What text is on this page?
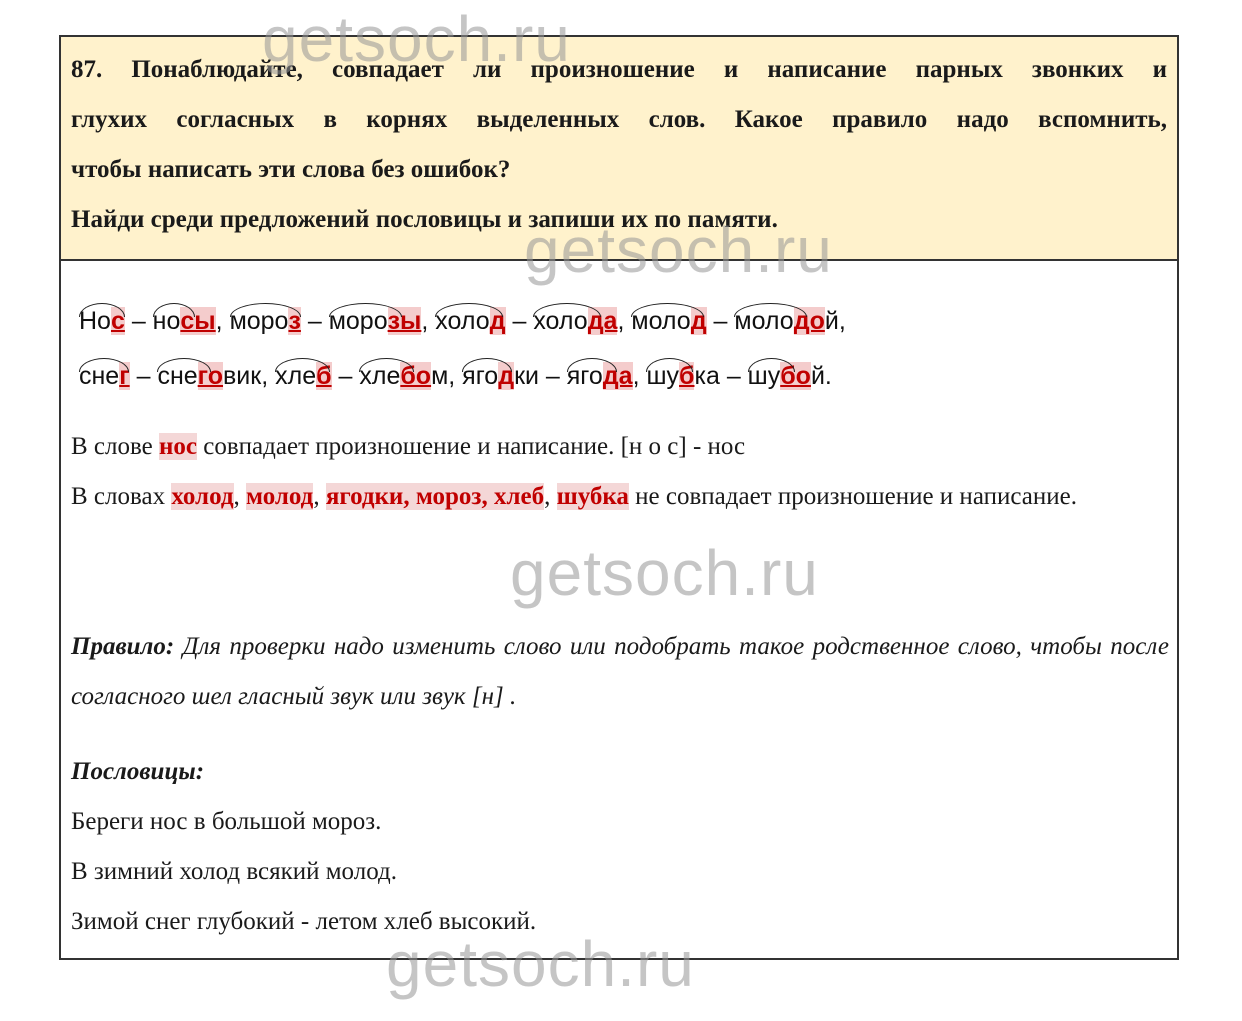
87. Понаблюдайте, совпадает ли произношение и написание парных звонких и

глухих согласных в корнях выделенных слов. Какое правило надо вспомнить,

чтобы написать эти слова без ошибок?

Найди среди предложений пословицы и запиши их по памяти.

Нос
– носы
, мороз
– морозы
, холод
– холода
, молод
– молодой
,
снег
– снеговик
, хлеб
– хлебом
, ягодки
– ягода
, шубка
– шубой
.

В слове нос совпадает произношение и написание. [н о с] - нос

В словах холод, молод, ягодки, мороз, хлеб, шубка не совпадает произношение и написание.

Правило: Для проверки надо изменить слово или подобрать такое родственное слово, чтобы после согласного шел гласный звук или звук [н] .

Пословицы:

Береги нос в большой мороз.

В зимний холод всякий молод.

Зимой снег глубокий - летом хлеб высокий.

getsoch.ru
getsoch.ru
getsoch.ru
getsoch.ru
